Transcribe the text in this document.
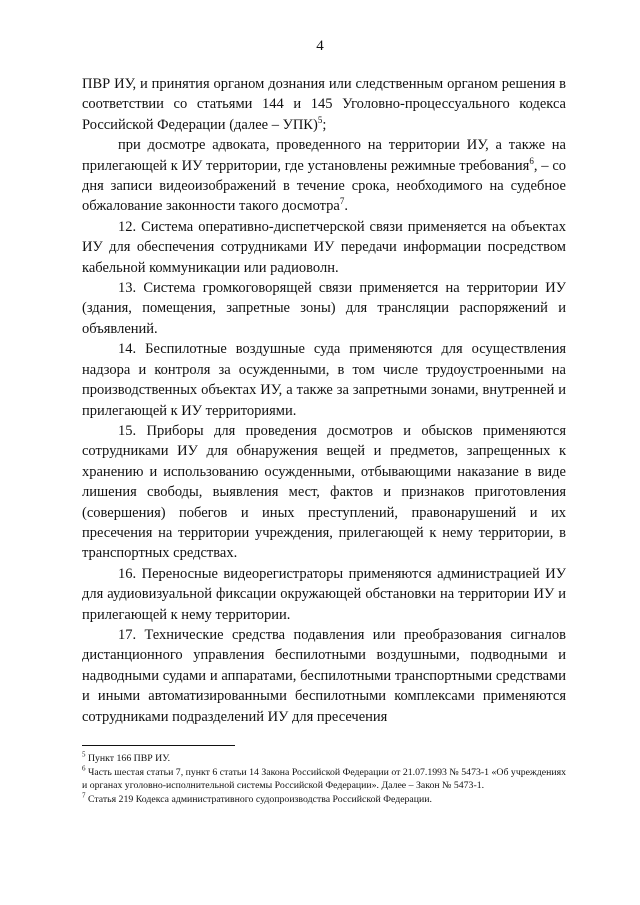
4

ПВР ИУ, и принятия органом дознания или следственным органом решения в соответствии со статьями 144 и 145 Уголовно-процессуального кодекса Российской Федерации (далее – УПК)$^5$;

при досмотре адвоката, проведенного на территории ИУ, а также на прилегающей к ИУ территории, где установлены режимные требования$^6$, – со дня записи видеоизображений в течение срока, необходимого на судебное обжалование законности такого досмотра$^7$.

12. Система оперативно-диспетчерской связи применяется на объектах ИУ для обеспечения сотрудниками ИУ передачи информации посредством кабельной коммуникации или радиоволн.

13. Система громкоговорящей связи применяется на территории ИУ (здания, помещения, запретные зоны) для трансляции распоряжений и объявлений.

14. Беспилотные воздушные суда применяются для осуществления надзора и контроля за осужденными, в том числе трудоустроенными на производственных объектах ИУ, а также за запретными зонами, внутренней и прилегающей к ИУ территориями.

15. Приборы для проведения досмотров и обысков применяются сотрудниками ИУ для обнаружения вещей и предметов, запрещенных к хранению и использованию осужденными, отбывающими наказание в виде лишения свободы, выявления мест, фактов и признаков приготовления (совершения) побегов и иных преступлений, правонарушений и их пресечения на территории учреждения, прилегающей к нему территории, в транспортных средствах.

16. Переносные видеорегистраторы применяются администрацией ИУ для аудиовизуальной фиксации окружающей обстановки на территории ИУ и прилегающей к нему территории.

17. Технические средства подавления или преобразования сигналов дистанционного управления беспилотными воздушными, подводными и надводными судами и аппаратами, беспилотными транспортными средствами и иными автоматизированными беспилотными комплексами применяются сотрудниками подразделений ИУ для пресечения

$^5$ Пункт 166 ПВР ИУ.

$^6$ Часть шестая статьи 7, пункт 6 статьи 14 Закона Российской Федерации от 21.07.1993 № 5473-1 «Об учреждениях и органах уголовно-исполнительной системы Российской Федерации». Далее – Закон № 5473-1.

$^7$ Статья 219 Кодекса административного судопроизводства Российской Федерации.
